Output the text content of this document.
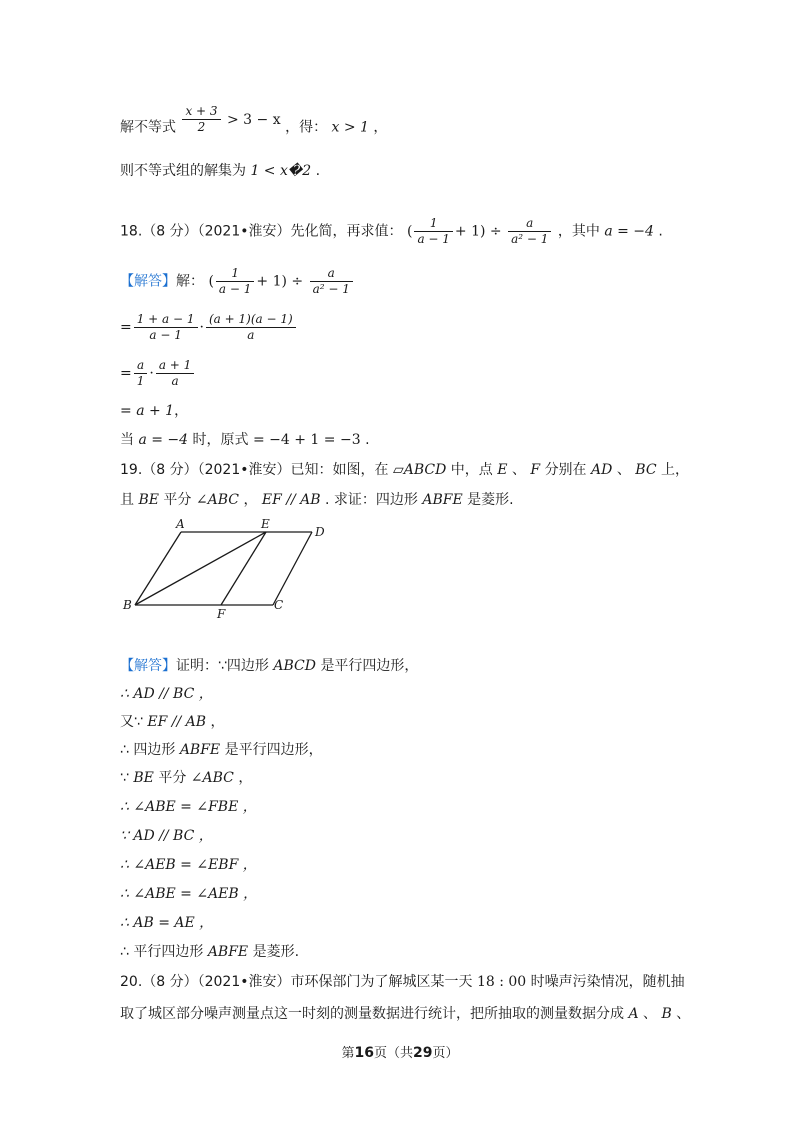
解不等式 $\frac{x + 3}{2} > 3 - x$ ，得： x > 1 ，
则不等式组的解集为 1 < x�2 .
18.（8 分）（2021•淮安）先化简，再求值： ( $\frac{1}{a - 1} + 1) \div \frac{a}{\text{a² − 1}}$ ，其中 a = −4 .
【解答】解： ( $\frac{1}{a - 1} + 1) \div \frac{a}{\text{a² − 1}}$
= $\frac{1 + a - 1}{a - 1} \cdot \frac{(a + 1)(a - 1)}{a}$
= $\frac{a}{1} \cdot \frac{a + 1}{a}$
= a + 1，
当 a = −4 时，原式 = −4 + 1 = −3 .
19.（8 分）（2021•淮安）已知：如图，在 ▱ABCD 中，点 E 、 F 分别在 AD 、 BC 上，
且 BE 平分 ∠ABC ， EF // AB . 求证：四边形 ABFE 是菱形.
A	E
D
B
F
C
【解答】证明：∵四边形 ABCD 是平行四边形，
∴ AD // BC ，
又∵ EF // AB ，
∴ 四边形 ABFE 是平行四边形，
∵ BE 平分 ∠ABC ，
∴ ∠ABE = ∠FBE ，
∵ AD // BC ，
∴ ∠AEB = ∠EBF ，
∴ ∠ABE = ∠AEB ，
∴ AB = AE ，
∴ 平行四边形 ABFE 是菱形.
20.（8 分）（2021•淮安）市环保部门为了解城区某一天 18 : 00 时噪声污染情况，随机抽
取了城区部分噪声测量点这一时刻的测量数据进行统计，把所抽取的测量数据分成 A 、 B 、
第16页（共29页）
